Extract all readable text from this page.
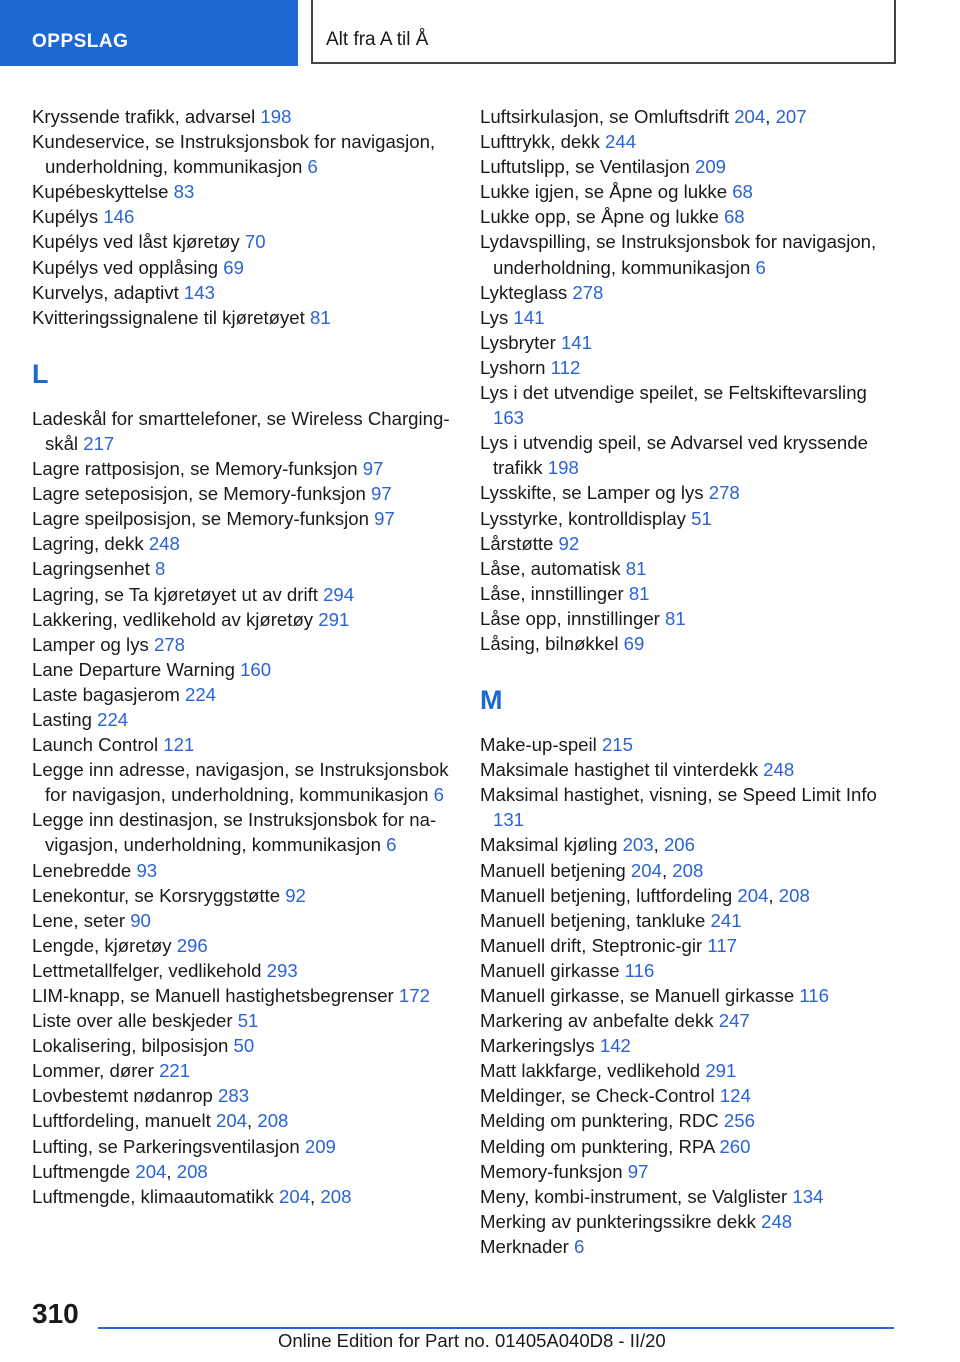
OPPSLAG	Alt fra A til Å

Kryssende trafikk, advarsel 198

Kundeservice, se Instruksjonsbok for navigasjon, underholdning, kommunikasjon 6

Kupébeskyttelse 83

Kupélys 146

Kupélys ved låst kjøretøy 70

Kupélys ved opplåsing 69

Kurvelys, adaptivt 143

Kvitteringssignalene til kjøretøyet 81

L

Ladeskål for smarttelefoner, se Wireless Charging-skål 217

Lagre rattposisjon, se Memory-funksjon 97

Lagre seteposisjon, se Memory-funksjon 97

Lagre speilposisjon, se Memory-funksjon 97

Lagring, dekk 248

Lagringsenhet 8

Lagring, se Ta kjøretøyet ut av drift 294

Lakkering, vedlikehold av kjøretøy 291

Lamper og lys 278

Lane Departure Warning 160

Laste bagasjerom 224

Lasting 224

Launch Control 121

Legge inn adresse, navigasjon, se Instruksjonsbok for navigasjon, underholdning, kommunikasjon 6

Legge inn destinasjon, se Instruksjonsbok for navigasjon, underholdning, kommunikasjon 6

Lenebredde 93

Lenekontur, se Korsryggstøtte 92

Lene, seter 90

Lengde, kjøretøy 296

Lettmetallfelger, vedlikehold 293

LIM-knapp, se Manuell hastighetsbegrenser 172

Liste over alle beskjeder 51

Lokalisering, bilposisjon 50

Lommer, dører 221

Lovbestemt nødanrop 283

Luftfordeling, manuelt 204, 208

Lufting, se Parkeringsventilasjon 209

Luftmengde 204, 208

Luftmengde, klimaautomatikk 204, 208

Luftsirkulasjon, se Omluftsdrift 204, 207

Lufttrykk, dekk 244

Luftutslipp, se Ventilasjon 209

Lukke igjen, se Åpne og lukke 68

Lukke opp, se Åpne og lukke 68

Lydavspilling, se Instruksjonsbok for navigasjon, underholdning, kommunikasjon 6

Lykteglass 278

Lys 141

Lysbryter 141

Lyshorn 112

Lys i det utvendige speilet, se Feltskiftevarsling 163

Lys i utvendig speil, se Advarsel ved kryssende trafikk 198

Lysskifte, se Lamper og lys 278

Lysstyrke, kontrolldisplay 51

Lårstøtte 92

Låse, automatisk 81

Låse, innstillinger 81

Låse opp, innstillinger 81

Låsing, bilnøkkel 69

M

Make-up-speil 215

Maksimale hastighet til vinterdekk 248

Maksimal hastighet, visning, se Speed Limit Info 131

Maksimal kjøling 203, 206

Manuell betjening 204, 208

Manuell betjening, luftfordeling 204, 208

Manuell betjening, tankluke 241

Manuell drift, Steptronic-gir 117

Manuell girkasse 116

Manuell girkasse, se Manuell girkasse 116

Markering av anbefalte dekk 247

Markeringslys 142

Matt lakkfarge, vedlikehold 291

Meldinger, se Check-Control 124

Melding om punktering, RDC 256

Melding om punktering, RPA 260

Memory-funksjon 97

Meny, kombi-instrument, se Valglister 134

Merking av punkteringssikre dekk 248

Merknader 6

310
Online Edition for Part no. 01405A040D8 - II/20 carmanualsonline.info
